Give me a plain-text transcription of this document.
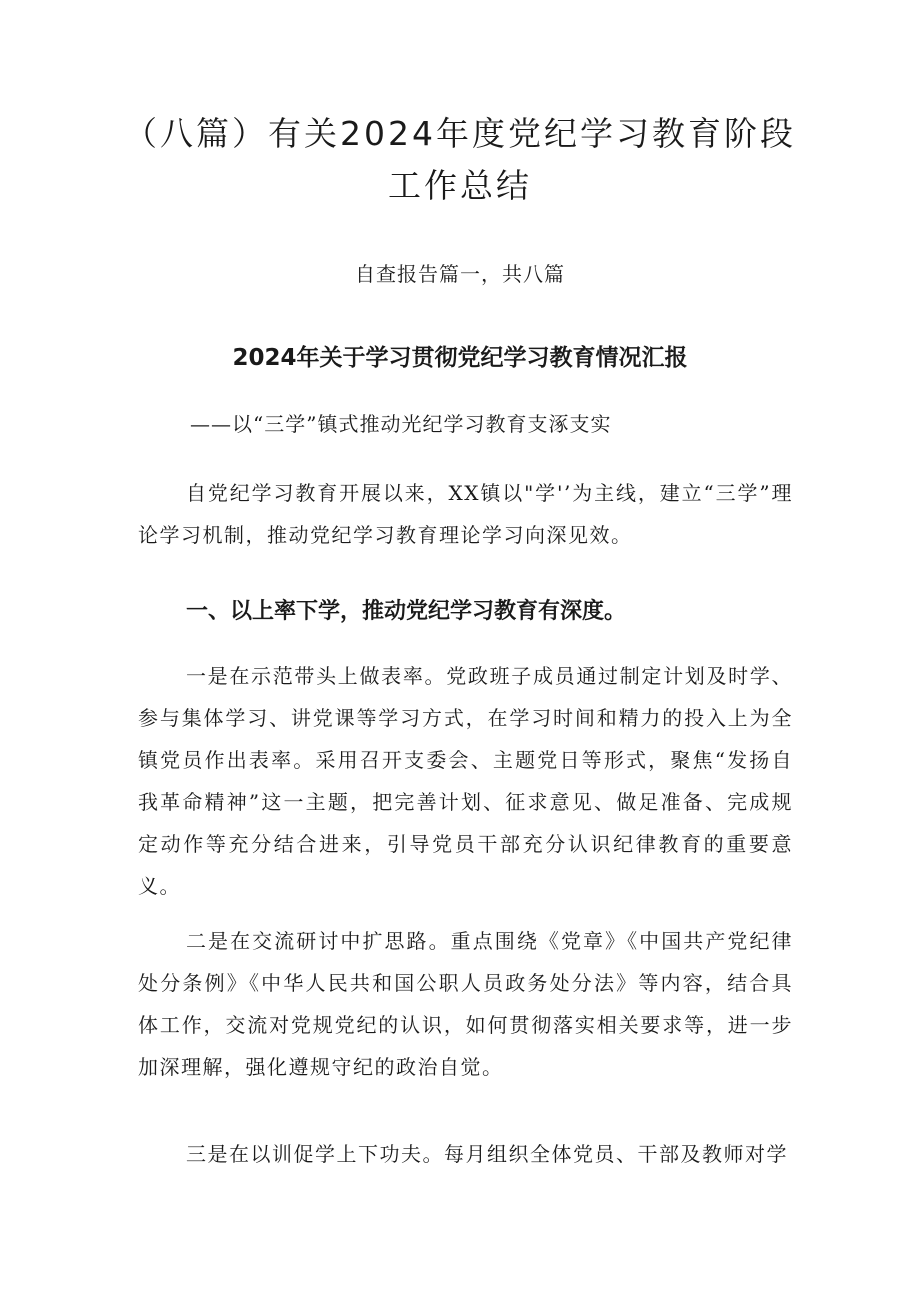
（八篇）有关2024年度党纪学习教育阶段
工作总结
自查报告篇一，共八篇
2024年关于学习贯彻党纪学习教育情况汇报
——以“三学”镇式推动光纪学习教育支涿支实
自党纪学习教育开展以来，XX镇以"学'’为主线，建立“三学”理论学习机制，推动党纪学习教育理论学习向深见效。
一、以上率下学，推动党纪学习教育有深度。
一是在示范带头上做表率。党政班子成员通过制定计划及时学、参与集体学习、讲党课等学习方式，在学习时间和精力的投入上为全镇党员作出表率。采用召开支委会、主题党日等形式，聚焦“发扬自我革命精神”这一主题，把完善计划、征求意见、做足准备、完成规定动作等充分结合进来，引导党员干部充分认识纪律教育的重要意义。
二是在交流研讨中扩思路。重点围绕《党章》《中国共产党纪律处分条例》《中华人民共和国公职人员政务处分法》等内容，结合具体工作，交流对党规党纪的认识，如何贯彻落实相关要求等，进一步加深理解，强化遵规守纪的政治自觉。
三是在以训促学上下功夫。每月组织全体党员、干部及教师对学
